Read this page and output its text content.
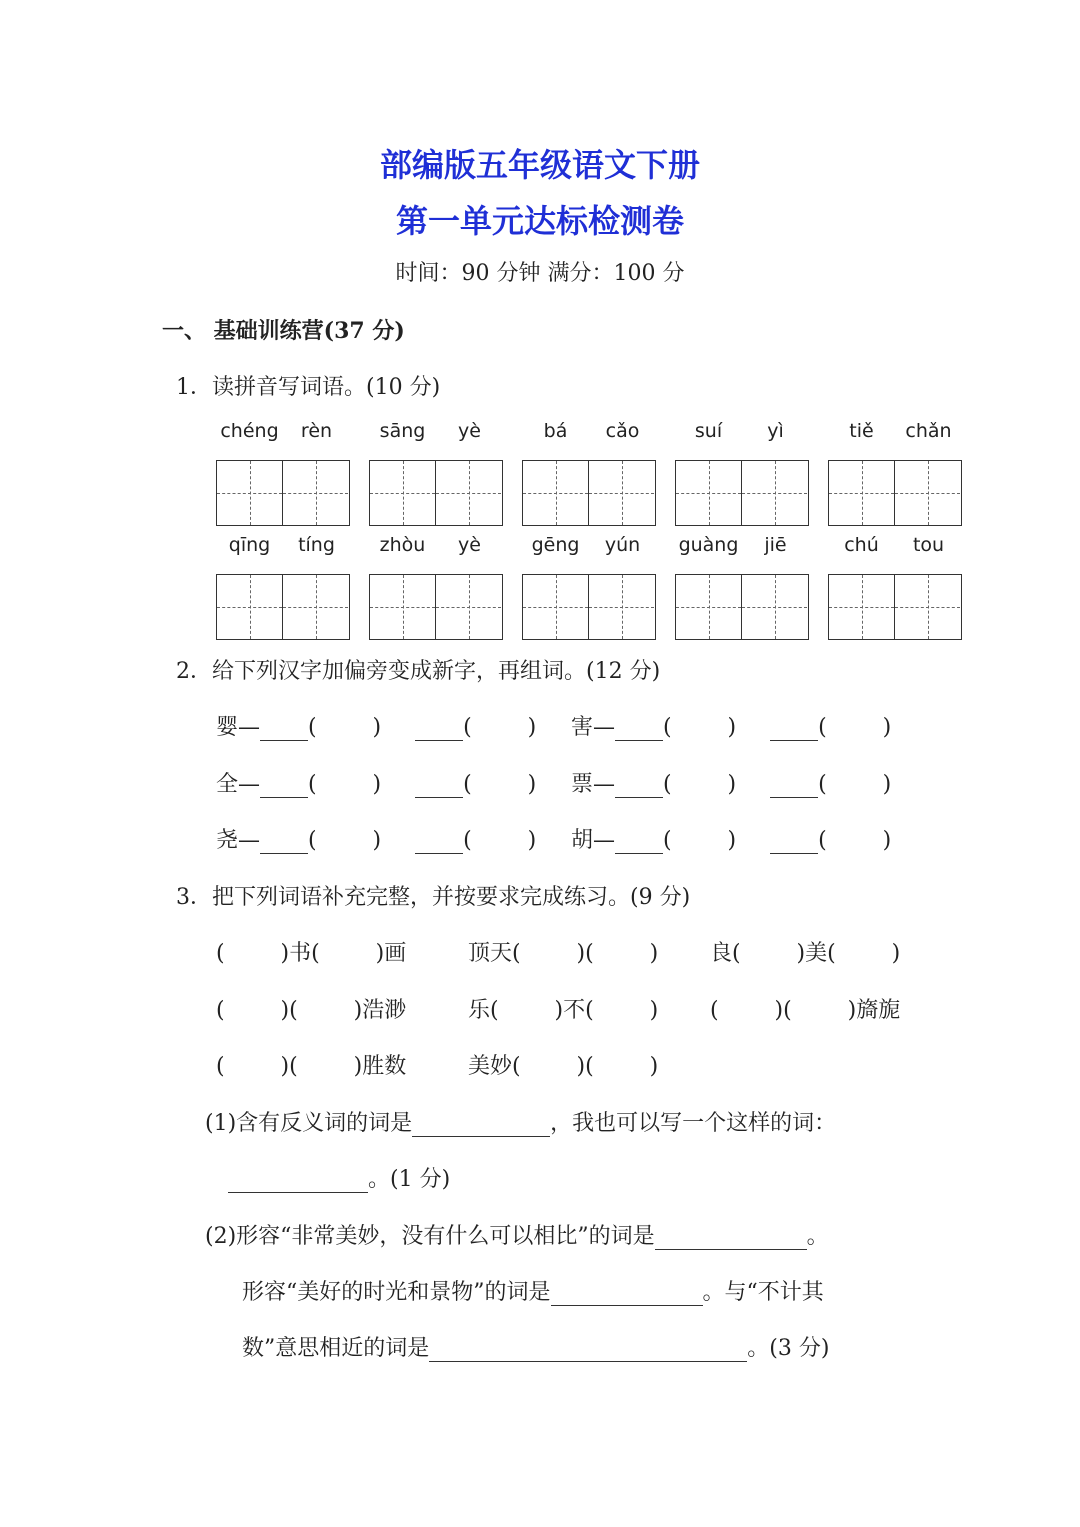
部编版五年级语文下册
第一单元达标检测卷
时间：90 分钟 满分：100 分
一、 基础训练营(37 分)
1．读拼音写词语。(10 分)
chéng	rèn	sāng	yè	bá	cǎo	suí	yì	tiě	chǎn
qīng	tíng	zhòu	yè	gēng	yún	guàng	jiē	chú	tou
2．给下列汉字加偏旁变成新字，再组词。(12 分)
婴— (        )	(        ) 害— (        )	(        )
全— (        )	(        ) 票— (        )	(        )
尧— (        )	(        ) 胡— (        )	(        )
3．把下列词语补充完整，并按要求完成练习。(9 分)
(        )书(        )画	顶天(        )(        ) 良(        )美(        )
(        )(        )浩渺	乐(        )不(        ) (        )(        )旖旎
(        )(        )胜数	美妙(        )(        )
(1)含有反义词的词是	，我也可以写一个这样的词：
。(1 分)
(2)形容“非常美妙，没有什么可以相比”的词是	。
形容“美好的时光和景物”的词是	。与“不计其
数”意思相近的词是	。(3 分)
